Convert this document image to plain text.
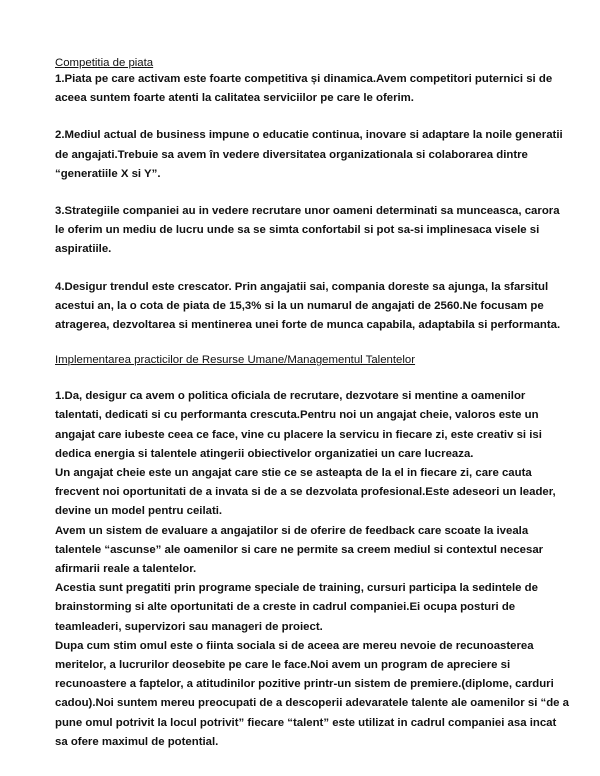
Competitia de piata
1.Piata pe care activam este foarte competitiva și dinamica.Avem competitori puternici si de
aceea suntem foarte atenti la calitatea serviciilor pe care le oferim.
2.Mediul actual de business impune o educatie continua, inovare si adaptare la noile generatii
de angajati.Trebuie sa avem în vedere diversitatea organizationala si colaborarea dintre
“generatiile X si Y”.
3.Strategiile companiei au in vedere recrutare unor oameni determinati sa munceasca, carora
le oferim un mediu de lucru unde sa se simta confortabil si pot sa-si implinesaca visele si
aspiratiile.
4.Desigur trendul este crescator. Prin angajatii sai, compania doreste sa ajunga, la sfarsitul
acestui an, la o cota de piata de 15,3% si la un numarul de angajati de 2560.Ne focusam pe
atragerea, dezvoltarea si mentinerea unei forte de munca capabila, adaptabila si performanta.
Implementarea practicilor de Resurse Umane/Managementul Talentelor
1.Da, desigur ca avem o politica oficiala de recrutare, dezvotare si mentine a oamenilor
talentati, dedicati si cu performanta crescuta.Pentru noi un angajat cheie, valoros este un
angajat care iubeste ceea ce face, vine cu placere la servicu in fiecare zi, este creativ si isi
dedica energia si talentele atingerii obiectivelor organizatiei un care lucreaza.
Un angajat cheie este un angajat care stie ce se asteapta de la el in fiecare zi, care cauta
frecvent noi oportunitati de a invata si de a se dezvolata profesional.Este adeseori un leader,
devine un model pentru ceilati.
Avem un sistem de evaluare a angajatilor si de oferire de feedback care scoate la iveala
talentele “ascunse” ale oamenilor si care ne permite sa creem mediul si contextul necesar
afirmarii reale a talentelor.
Acestia sunt pregatiti prin programe speciale de training, cursuri participa la sedintele de
brainstorming si alte oportunitati de a creste in cadrul companiei.Ei ocupa posturi de
teamleaderi, supervizori sau manageri de proiect.
Dupa cum stim omul este o fiinta sociala si de aceea are mereu nevoie de recunoasterea
meritelor, a lucrurilor deosebite pe care le face.Noi avem un program de apreciere si
recunoastere a faptelor, a atitudinilor pozitive printr-un sistem de premiere.(diplome, carduri
cadou).Noi suntem mereu preocupati de a descoperii adevaratele talente ale oamenilor si “de a
pune omul potrivit la locul potrivit” fiecare “talent” este utilizat in cadrul companiei asa incat
sa ofere maximul de potential.
